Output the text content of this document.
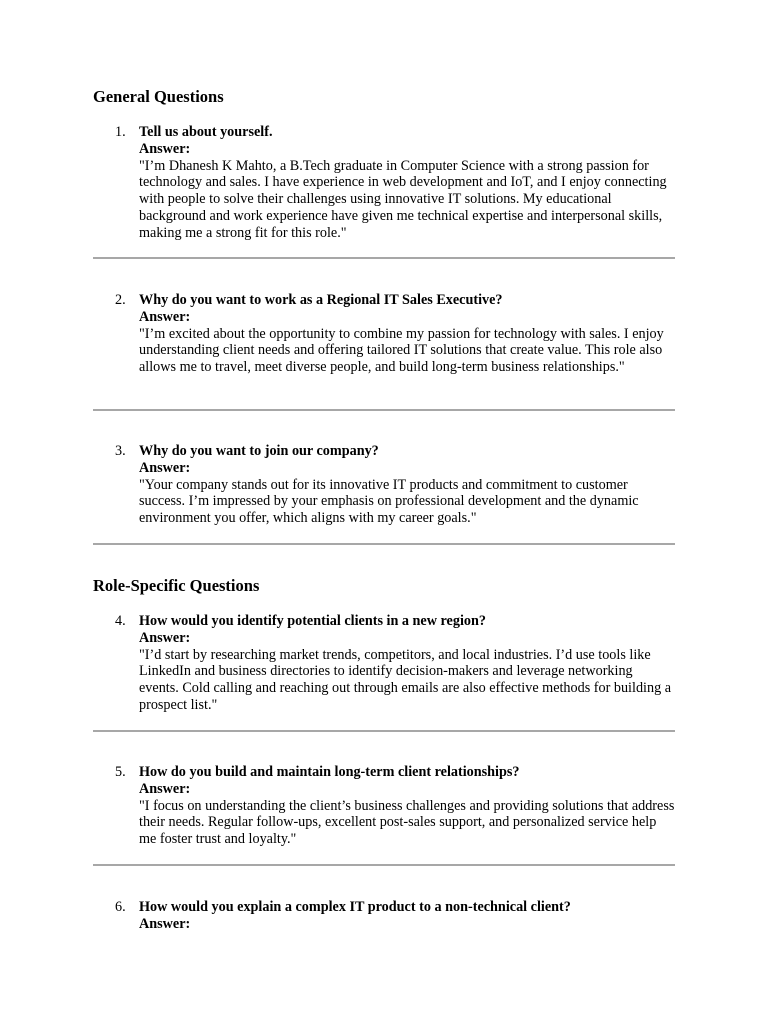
General Questions
1. Tell us about yourself.
Answer:
"I’m Dhanesh K Mahto, a B.Tech graduate in Computer Science with a strong passion for technology and sales. I have experience in web development and IoT, and I enjoy connecting with people to solve their challenges using innovative IT solutions. My educational background and work experience have given me technical expertise and interpersonal skills, making me a strong fit for this role."
2. Why do you want to work as a Regional IT Sales Executive?
Answer:
"I’m excited about the opportunity to combine my passion for technology with sales. I enjoy understanding client needs and offering tailored IT solutions that create value. This role also allows me to travel, meet diverse people, and build long-term business relationships."
3. Why do you want to join our company?
Answer:
"Your company stands out for its innovative IT products and commitment to customer success. I’m impressed by your emphasis on professional development and the dynamic environment you offer, which aligns with my career goals."
Role-Specific Questions
4. How would you identify potential clients in a new region?
Answer:
"I’d start by researching market trends, competitors, and local industries. I’d use tools like LinkedIn and business directories to identify decision-makers and leverage networking events. Cold calling and reaching out through emails are also effective methods for building a prospect list."
5. How do you build and maintain long-term client relationships?
Answer:
"I focus on understanding the client’s business challenges and providing solutions that address their needs. Regular follow-ups, excellent post-sales support, and personalized service help me foster trust and loyalty."
6. How would you explain a complex IT product to a non-technical client?
Answer:
